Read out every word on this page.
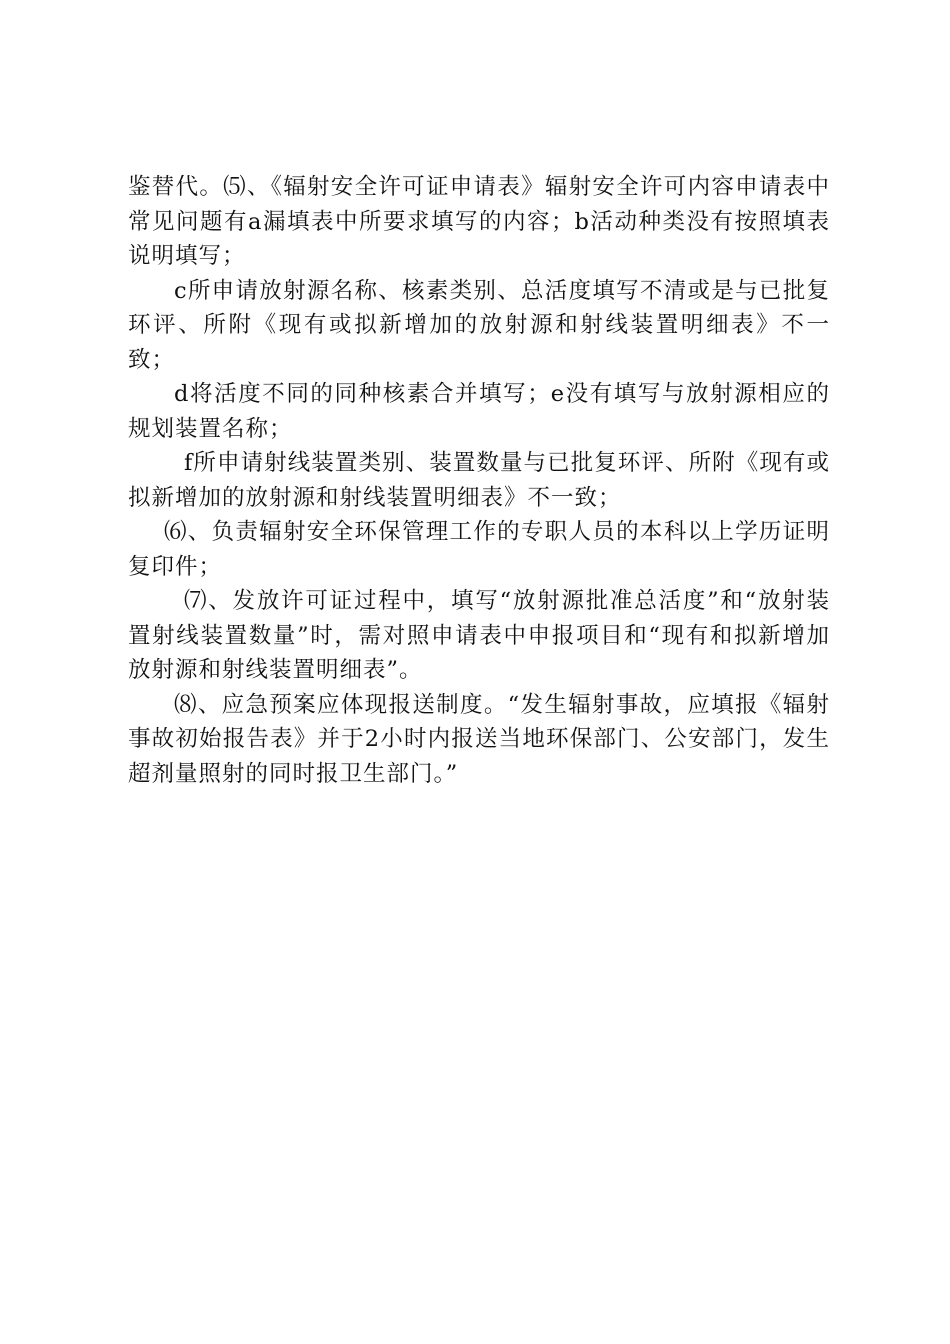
鉴替代。⑸、《辐射安全许可证申请表》辐射安全许可内容申请表中常见问题有a漏填表中所要求填写的内容；b活动种类没有按照填表说明填写；

c所申请放射源名称、核素类别、总活度填写不清或是与已批复环评、所附《现有或拟新增加的放射源和射线装置明细表》不一致；

d将活度不同的同种核素合并填写；e没有填写与放射源相应的规划装置名称；

f所申请射线装置类别、装置数量与已批复环评、所附《现有或拟新增加的放射源和射线装置明细表》不一致；

⑹、负责辐射安全环保管理工作的专职人员的本科以上学历证明复印件；

⑺、发放许可证过程中，填写“放射源批准总活度”和“放射装置射线装置数量”时，需对照申请表中申报项目和“现有和拟新增加放射源和射线装置明细表”。

⑻、应急预案应体现报送制度。“发生辐射事故，应填报《辐射事故初始报告表》并于2小时内报送当地环保部门、公安部门，发生超剂量照射的同时报卫生部门。”
